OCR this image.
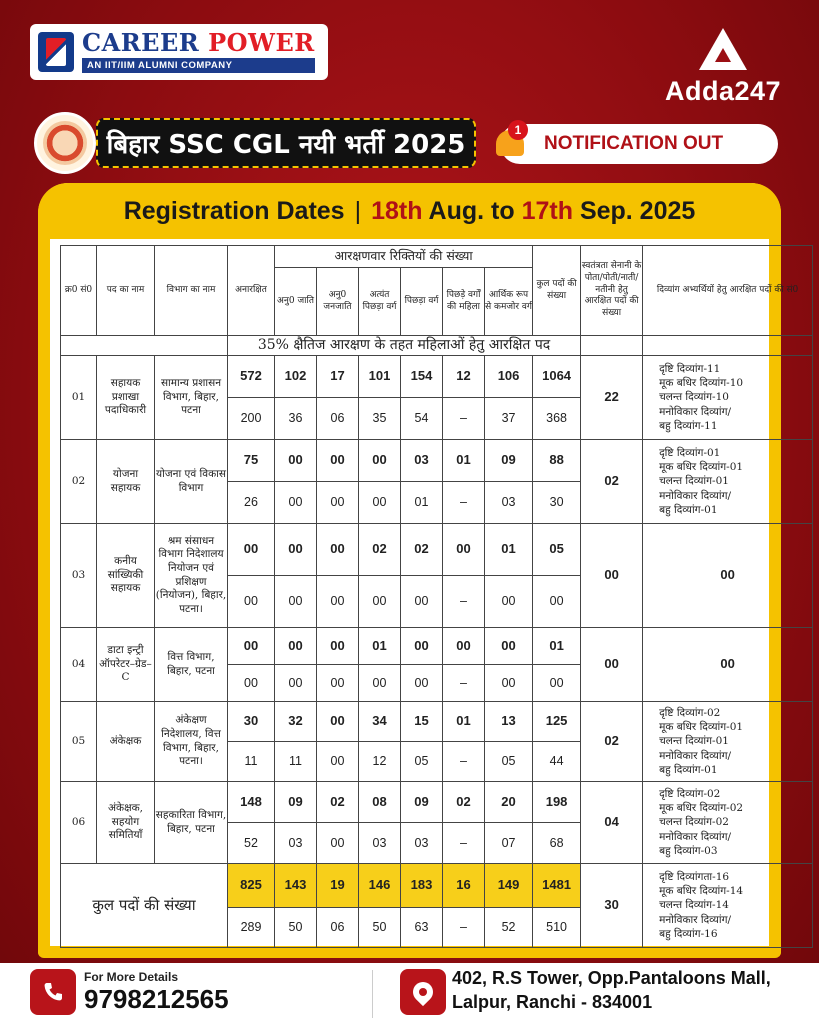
CAREER POWER
AN IIT/IIM ALUMNI COMPANY
Adda247
बिहार SSC CGL नयी भर्ती 2025	NOTIFICATION OUT
1
Registration Dates | 18th Aug. to 17th Sep. 2025
क्र0 सं0	पद का नाम	विभाग का नाम	अनारक्षित	आरक्षणवार रिक्तियों की संख्या						कुल पदों की संख्या	स्वतंत्रता सेनानी के पोता/पोती/नाती/नतीनी हेतु आरक्षित पदों की संख्या	दिव्यांग अभ्यर्थियों हेतु आरक्षित पदों की सं0
				अनु0 जाति	अनु0 जनजाति	अत्यंत पिछड़ा वर्ग	पिछड़ा वर्ग	पिछड़े वर्गों की महिला	आर्थिक रूप से कमजोर वर्ग			
			35% क्षैतिज आरक्षण के तहत महिलाओं हेतु आरक्षित पद									
01	सहायक प्रशाखा पदाधिकारी	सामान्य प्रशासन विभाग, बिहार, पटना	572	102	17	101	154	12	106	1064	22	दृष्टि दिव्यांग-11
मूक बधिर दिव्यांग-10
चलन्त दिव्यांग-10
मनोविकार दिव्यांग/
बहु दिव्यांग-11
			200	36	06	35	54	–	37	368		
02	योजना सहायक	योजना एवं विकास विभाग	75	00	00	00	03	01	09	88	02	दृष्टि दिव्यांग-01
मूक बधिर दिव्यांग-01
चलन्त दिव्यांग-01
मनोविकार दिव्यांग/
बहु दिव्यांग-01
			26	00	00	00	01	–	03	30		
03	कनीय सांख्यिकी सहायक	श्रम संसाधन विभाग निदेशालय नियोजन एवं प्रशिक्षण (नियोजन), बिहार, पटना।	00	00	00	02	02	00	01	05	00	00
			00	00	00	00	00	–	00	00		
04	डाटा इन्ट्री ऑपरेटर–ग्रेड–C	वित्त विभाग, बिहार, पटना	00	00	00	01	00	00	00	01	00	00
			00	00	00	00	00	–	00	00		
05	अंकेक्षक	अंकेक्षण निदेशालय, वित्त विभाग, बिहार, पटना।	30	32	00	34	15	01	13	125	02	दृष्टि दिव्यांग-02
मूक बधिर दिव्यांग-01
चलन्त दिव्यांग-01
मनोविकार दिव्यांग/
बहु दिव्यांग-01
			11	11	00	12	05	–	05	44		
06	अंकेक्षक, सहयोग समितियाँ	सहकारिता विभाग, बिहार, पटना	148	09	02	08	09	02	20	198	04	दृष्टि दिव्यांग-02
मूक बधिर दिव्यांग-02
चलन्त दिव्यांग-02
मनोविकार दिव्यांग/
बहु दिव्यांग-03
			52	03	00	03	03	–	07	68		
कुल पदों की संख्या			825	143	19	146	183	16	149	1481	30	दृष्टि दिव्यांगता-16
मूक बधिर दिव्यांग-14
चलन्त दिव्यांग-14
मनोविकार दिव्यांग/
बहु दिव्यांग-16
			289	50	06	50	63	–	52	510		
For More Details
9798212565
402, R.S Tower, Opp.Pantaloons Mall,
Lalpur, Ranchi - 834001
